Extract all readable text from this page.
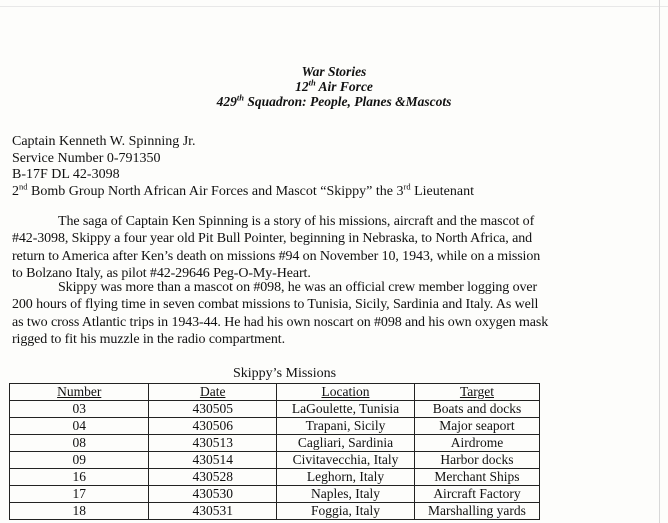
War Stories
12th Air Force
429th Squadron: People, Planes &Mascots
Captain Kenneth W. Spinning Jr.
Service Number 0-791350
B-17F DL 42-3098
2nd Bomb Group North African Air Forces and Mascot “Skippy” the 3rd Lieutenant
The saga of Captain Ken Spinning is a story of his missions, aircraft and the mascot of #42-3098, Skippy a four year old Pit Bull Pointer, beginning in Nebraska, to North Africa, and return to America after Ken’s death on missions #94 on November 10, 1943, while on a mission to Bolzano Italy, as pilot #42-29646 Peg-O-My-Heart.
Skippy was more than a mascot on #098, he was an official crew member logging over 200 hours of flying time in seven combat missions to Tunisia, Sicily, Sardinia and Italy. As well as two cross Atlantic trips in 1943-44. He had his own noscart on #098 and his own oxygen mask rigged to fit his muzzle in the radio compartment.
Skippy’s Missions
Number	Date	Location	Target
03	430505	LaGoulette, Tunisia	Boats and docks
04	430506	Trapani, Sicily	Major seaport
08	430513	Cagliari, Sardinia	Airdrome
09	430514	Civitavecchia, Italy	Harbor docks
16	430528	Leghorn, Italy	Merchant Ships
17	430530	Naples, Italy	Aircraft Factory
18	430531	Foggia, Italy	Marshalling yards
